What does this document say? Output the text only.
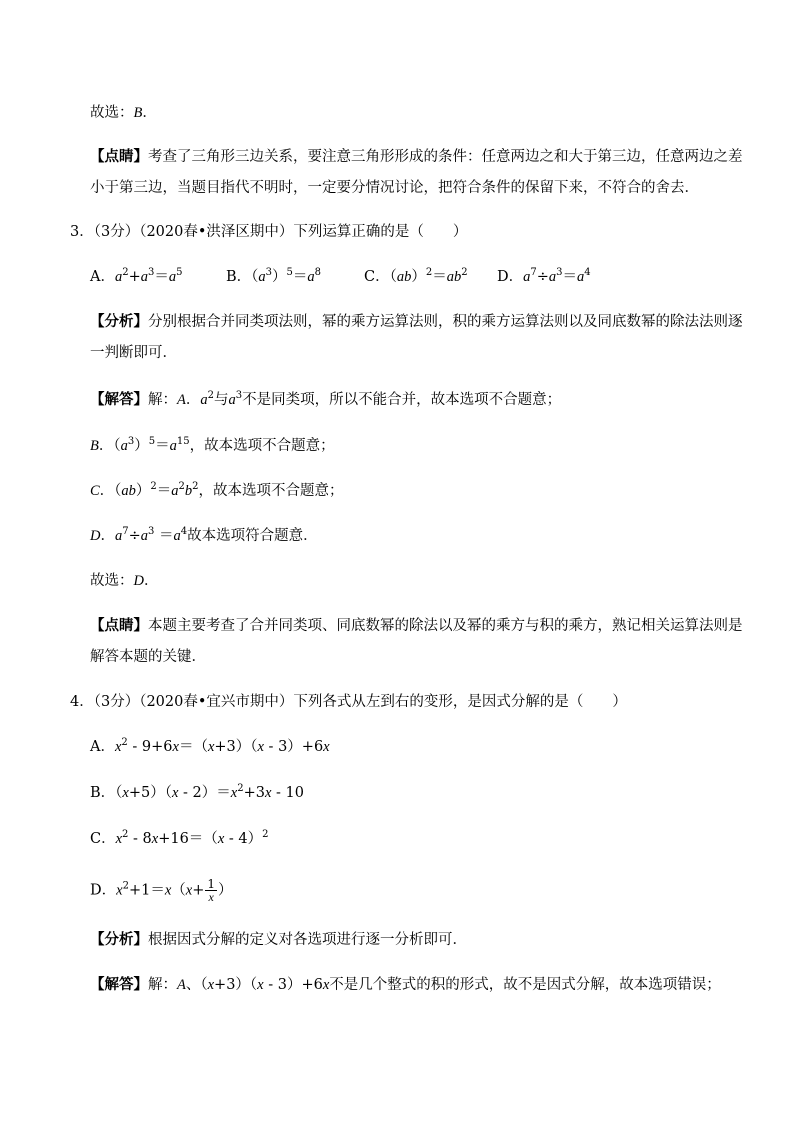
故选：B．
【点睛】考查了三角形三边关系，要注意三角形形成的条件：任意两边之和大于第三边，任意两边之差
小于第三边，当题目指代不明时，一定要分情况讨论，把符合条件的保留下来，不符合的舍去．
3．（3分）（2020春•洪泽区期中）下列运算正确的是（　　）
A．$a^2+a^3=a^5$	B．$(a^3)^5=a^8$	C．$(ab)^2=ab^2$ D．$a^7\div a^3=a^4$
【分析】分别根据合并同类项法则，幂的乘方运算法则，积的乘方运算法则以及同底数幂的除法法则逐
一判断即可．
【解答】解：A．$a^2$与$a^3$不是同类项，所以不能合并，故本选项不合题意；
B．$(a^3)^5=a^{15}$，故本选项不合题意；
C．$(ab)^2=a^2b^2$，故本选项不合题意；
D．$a^7\div a^3 =a^4$故本选项符合题意．
故选：D．
【点睛】本题主要考查了合并同类项、同底数幂的除法以及幂的乘方与积的乘方，熟记相关运算法则是
解答本题的关键．
4．（3分）（2020春•宜兴市期中）下列各式从左到右的变形，是因式分解的是（　　）
A．$x^2 - 9+6x=(x+3)(x - 3)+6x$
B．$(x+5)(x - 2)=x^2+3x - 10$
C．$x^2 - 8x+16=(x - 4)^2$
D．$x^2+1=x(x+ \frac{1}{x}$ ）
【分析】根据因式分解的定义对各选项进行逐一分析即可．
【解答】解：A、（x+3）（x - 3）+6x不是几个整式的积的形式，故不是因式分解，故本选项错误；
